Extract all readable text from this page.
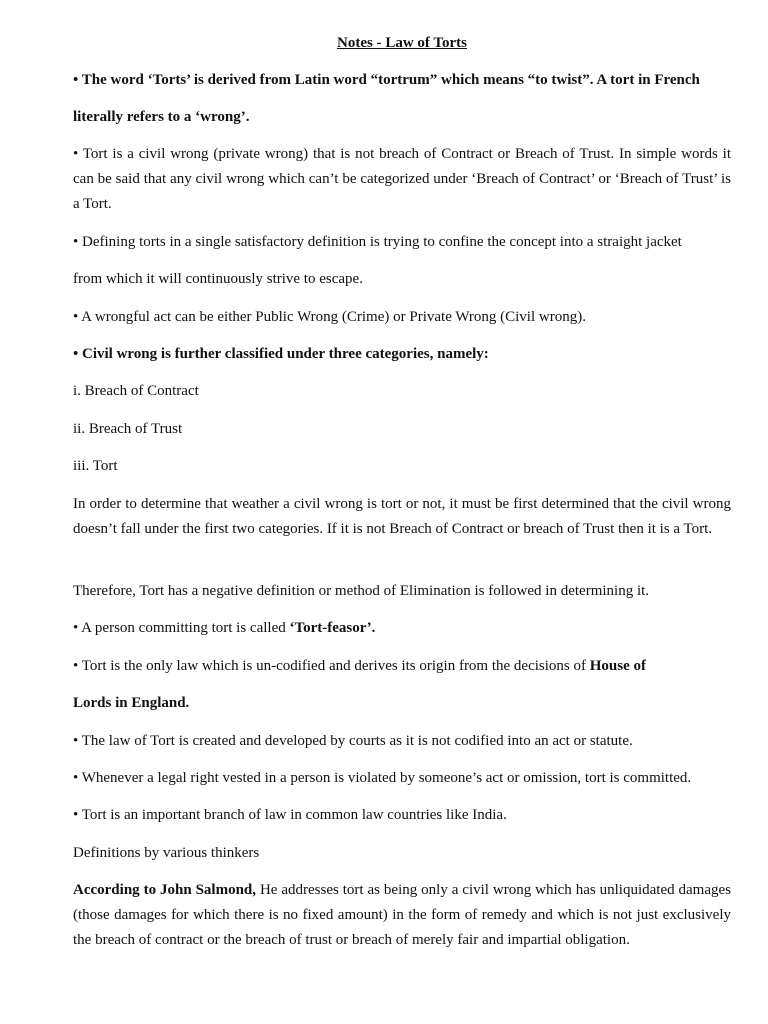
Notes - Law of Torts
• The word ‘Torts’ is derived from Latin word “tortrum” which means “to twist”. A tort in French
literally refers to a ‘wrong’.
• Tort is a civil wrong (private wrong) that is not breach of Contract or Breach of Trust. In simple words it can be said that any civil wrong which can’t be categorized under ‘Breach of Contract’ or ‘Breach of Trust’ is a Tort.
• Defining torts in a single satisfactory definition is trying to confine the concept into a straight jacket
from which it will continuously strive to escape.
• A wrongful act can be either Public Wrong (Crime) or Private Wrong (Civil wrong).
• Civil wrong is further classified under three categories, namely:
i. Breach of Contract
ii. Breach of Trust
iii. Tort
In order to determine that weather a civil wrong is tort or not, it must be first determined that the civil wrong doesn’t fall under the first two categories. If it is not Breach of Contract or breach of Trust then it is a Tort.
Therefore, Tort has a negative definition or method of Elimination is followed in determining it.
• A person committing tort is called ‘Tort-feasor’.
• Tort is the only law which is un-codified and derives its origin from the decisions of House of
Lords in England.
• The law of Tort is created and developed by courts as it is not codified into an act or statute.
• Whenever a legal right vested in a person is violated by someone’s act or omission, tort is committed.
• Tort is an important branch of law in common law countries like India.
Definitions by various thinkers
According to John Salmond, He addresses tort as being only a civil wrong which has unliquidated damages (those damages for which there is no fixed amount) in the form of remedy and which is not just exclusively the breach of contract or the breach of trust or breach of merely fair and impartial obligation.
